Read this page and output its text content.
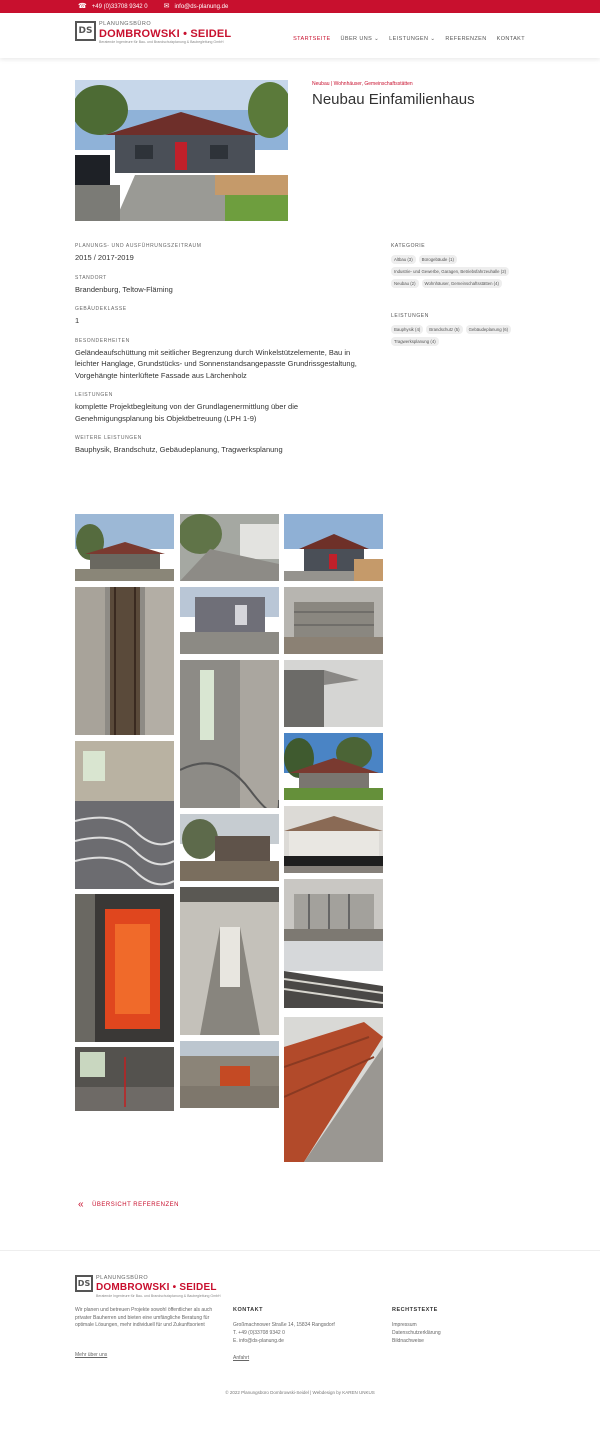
☎ +49 (0)33708 9342 0 ✉ info@ds-planung.de
DS
PLANUNGSBÜRO
DOMBROWSKI • SEIDEL
Beratende Ingenieure für Bau- und Brandschutzplanung & Baubegleitung GmbH	STARTSEITE ÜBER UNS ⌄ LEISTUNGEN ⌄ REFERENZEN KONTAKT
Neubau | Wohnhäuser, Gemeinschaftsstätten
Neubau Einfamilienhaus
PLANUNGS- UND AUSFÜHRUNGSZEITRAUM
2015 / 2017-2019
STANDORT
Brandenburg, Teltow-Fläming
GEBÄUDEKLASSE
1
BESONDERHEITEN
Geländeaufschüttung mit seitlicher Begrenzung durch Winkelstützelemente, Bau in leichter Hanglage, Grundstücks- und Sonnenstandsangepasste Grundrissgestaltung, Vorgehängte hinterlüftete Fassade aus Lärchenholz
LEISTUNGEN
komplette Projektbegleitung von der Grundlagenermittlung über die Genehmigungsplanung bis Objektbetreuung (LPH 1-9)
WEITERE LEISTUNGEN
Bauphysik, Brandschutz, Gebäudeplanung, Tragwerksplanung
KATEGORIE
Altbau (3)	Bürogebäude (1)
Industrie- und Gewerbe, Garagen, Betriebsfahrzeuhalle (2)
Neubau (2)	Wohnhäuser, Gemeinschaftsstätten (4)
LEISTUNGEN
Bauphysik (4)	Brandschutz (5)	Gebäudeplanung (6)
Tragwerksplanung (4)
« ÜBERSICHT REFERENZEN
DS
PLANUNGSBÜRO
DOMBROWSKI • SEIDEL
Beratende Ingenieure für Bau- und Brandschutzplanung & Baubegleitung GmbH
Wir planen und betreuen Projekte sowohl öffentlicher als auch privater Bauherren und bieten eine umfängliche Beratung für optimale Lösungen, mehr individuell für und Zukunftsorient
Mehr über uns
KONTAKT
Großmachnower Straße 14, 15834 Rangsdorf
T. +49 (0)33708 9342 0
E. info@ds-planung.de
Anfahrt
RECHTSTEXTE
Impressum
Datenschutzerklärung
Bildnachweise
© 2022 Planungsbüro Dombrowski-Seidel | Webdesign by KAREN UNKUS
